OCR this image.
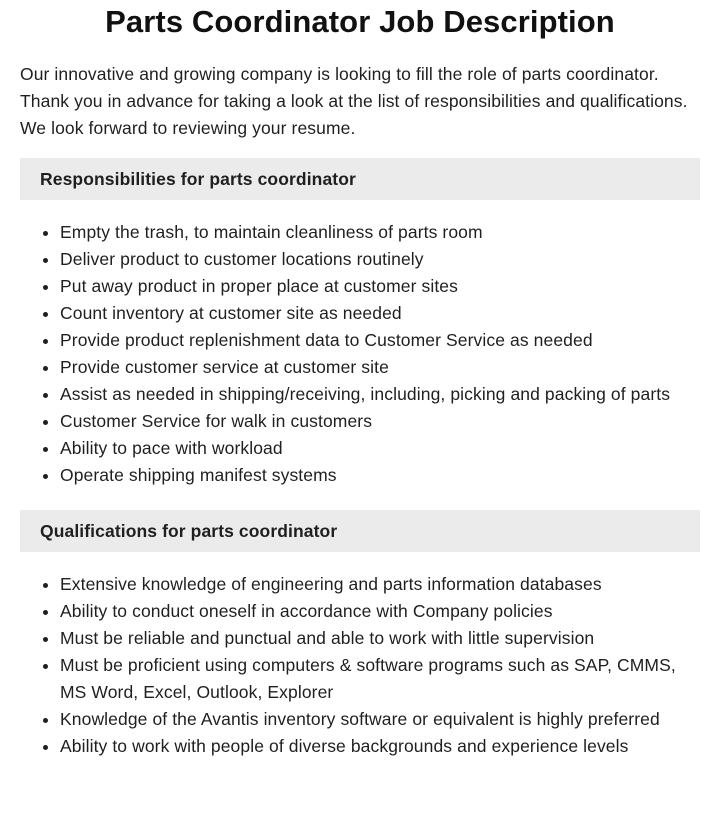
Parts Coordinator Job Description

Our innovative and growing company is looking to fill the role of parts coordinator. Thank you in advance for taking a look at the list of responsibilities and qualifications. We look forward to reviewing your resume.

Responsibilities for parts coordinator
• Empty the trash, to maintain cleanliness of parts room
• Deliver product to customer locations routinely
• Put away product in proper place at customer sites
• Count inventory at customer site as needed
• Provide product replenishment data to Customer Service as needed
• Provide customer service at customer site
• Assist as needed in shipping/receiving, including, picking and packing of parts
• Customer Service for walk in customers
• Ability to pace with workload
• Operate shipping manifest systems
Qualifications for parts coordinator
• Extensive knowledge of engineering and parts information databases
• Ability to conduct oneself in accordance with Company policies
• Must be reliable and punctual and able to work with little supervision
• Must be proficient using computers & software programs such as SAP, CMMS, MS Word, Excel, Outlook, Explorer
• Knowledge of the Avantis inventory software or equivalent is highly preferred
• Ability to work with people of diverse backgrounds and experience levels
